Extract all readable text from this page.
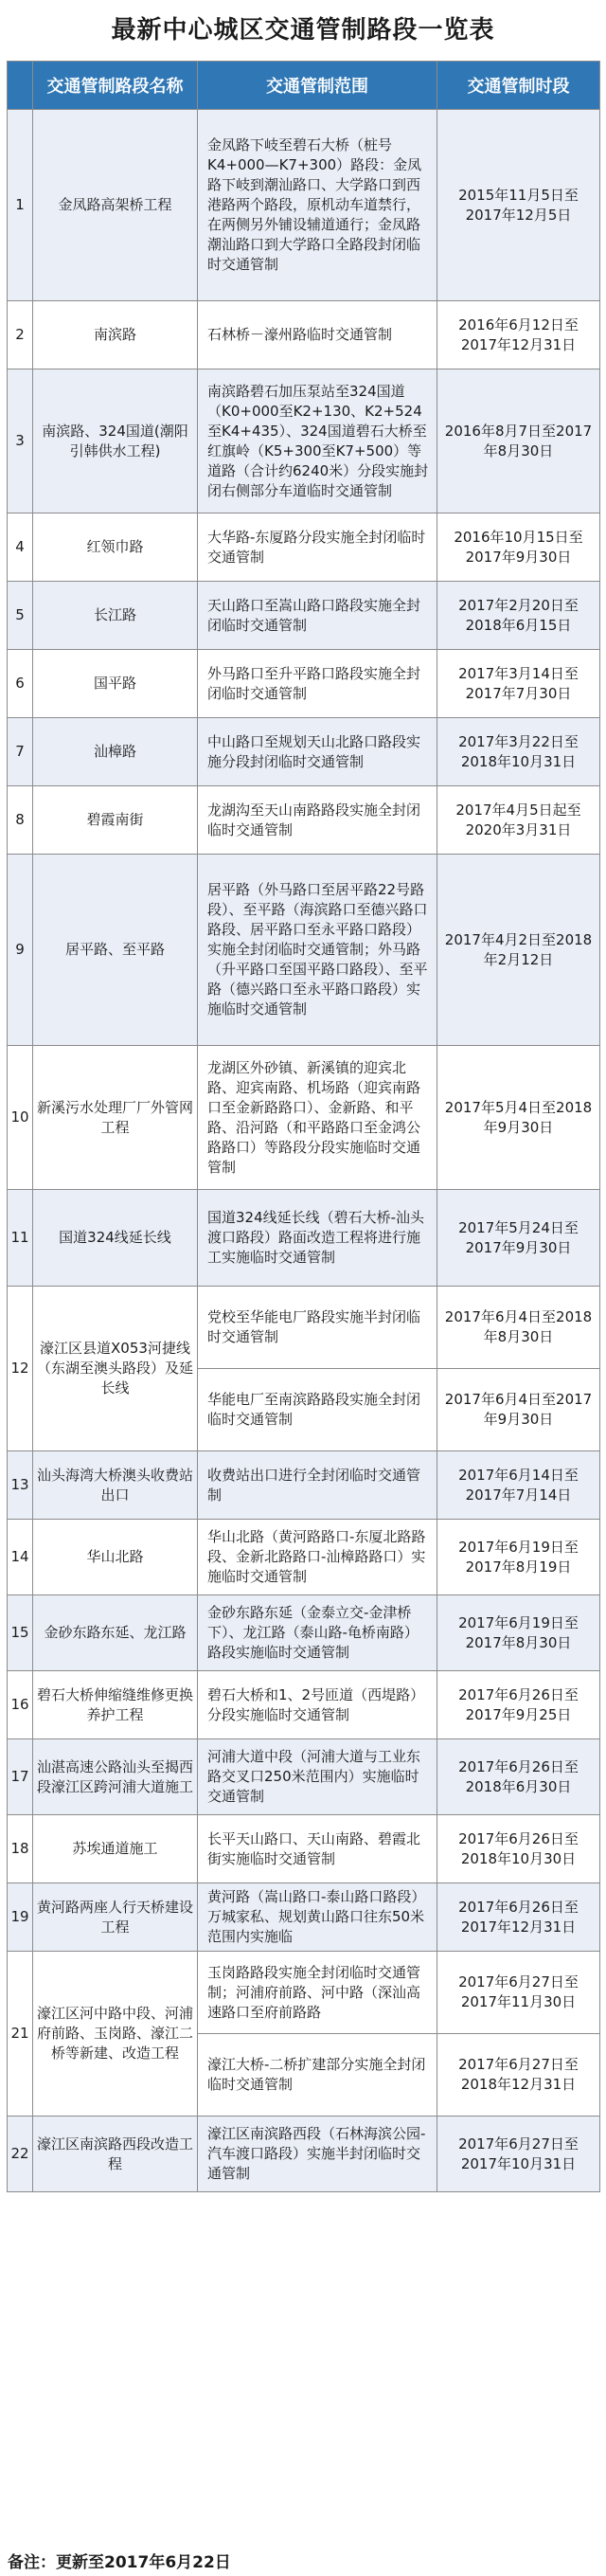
最新中心城区交通管制路段一览表
	交通管制路段名称	交通管制范围	交通管制时段
1	金凤路高架桥工程	金凤路下岐至碧石大桥（桩号K4+000—K7+300）路段：金凤路下岐到潮汕路口、大学路口到西港路两个路段，原机动车道禁行，在两侧另外铺设辅道通行；金凤路潮汕路口到大学路口全路段封闭临时交通管制	2015年11月5日至2017年12月5日
2	南滨路	石林桥－濠州路临时交通管制	2016年6月12日至2017年12月31日
3	南滨路、324国道(潮阳引韩供水工程)	南滨路碧石加压泵站至324国道（K0+000至K2+130、K2+524至K4+435）、324国道碧石大桥至红旗岭（K5+300至K7+500）等道路（合计约6240米）分段实施封闭右侧部分车道临时交通管制	2016年8月7日至2017年8月30日
4	红领巾路	大华路-东厦路分段实施全封闭临时交通管制	2016年10月15日至2017年9月30日
5	长江路	天山路口至嵩山路口路段实施全封闭临时交通管制	2017年2月20日至2018年6月15日
6	国平路	外马路口至升平路口路段实施全封闭临时交通管制	2017年3月14日至2017年7月30日
7	汕樟路	中山路口至规划天山北路口路段实施分段封闭临时交通管制	2017年3月22日至2018年10月31日
8	碧霞南街	龙湖沟至天山南路路段实施全封闭临时交通管制	2017年4月5日起至2020年3月31日
9	居平路、至平路	居平路（外马路口至居平路22号路段）、至平路（海滨路口至德兴路口路段、居平路口至永平路口路段）实施全封闭临时交通管制；外马路（升平路口至国平路口路段）、至平路（德兴路口至永平路口路段）实施临时交通管制	2017年4月2日至2018年2月12日
10	新溪污水处理厂厂外管网工程	龙湖区外砂镇、新溪镇的迎宾北路、迎宾南路、机场路（迎宾南路口至金新路路口）、金新路、和平路、沿河路（和平路路口至金鸿公路路口）等路段分段实施临时交通管制	2017年5月4日至2018年9月30日
11	国道324线延长线	国道324线延长线（碧石大桥-汕头渡口路段）路面改造工程将进行施工实施临时交通管制	2017年5月24日至2017年9月30日
12	濠江区县道X053河捷线（东湖至澳头路段）及延长线	党校至华能电厂路段实施半封闭临时交通管制	2017年6月4日至2018年8月30日
		华能电厂至南滨路路段实施全封闭临时交通管制	2017年6月4日至2017年9月30日
13	汕头海湾大桥澳头收费站出口	收费站出口进行全封闭临时交通管制	2017年6月14日至2017年7月14日
14	华山北路	华山北路（黄河路路口-东厦北路路段、金新北路路口-汕樟路路口）实施临时交通管制	2017年6月19日至2017年8月19日
15	金砂东路东延、龙江路	金砂东路东延（金泰立交-金津桥下）、龙江路（泰山路-龟桥南路）路段实施临时交通管制	2017年6月19日至2017年8月30日
16	碧石大桥伸缩缝维修更换养护工程	碧石大桥和1、2号匝道（西堤路）分段实施临时交通管制	2017年6月26日至2017年9月25日
17	汕湛高速公路汕头至揭西段濠江区跨河浦大道施工	河浦大道中段（河浦大道与工业东路交叉口250米范围内）实施临时交通管制	2017年6月26日至2018年6月30日
18	苏埃通道施工	长平天山路口、天山南路、碧霞北街实施临时交通管制	2017年6月26日至2018年10月30日
19	黄河路两座人行天桥建设工程	黄河路（嵩山路口-泰山路口路段）万城家私、规划黄山路口往东50米范围内实施临	2017年6月26日至2017年12月31日
21	濠江区河中路中段、河浦府前路、玉岗路、濠江二桥等新建、改造工程	玉岗路路段实施全封闭临时交通管制；河浦府前路、河中路（深汕高速路口至府前路路	2017年6月27日至2017年11月30日
		濠江大桥-二桥扩建部分实施全封闭临时交通管制	2017年6月27日至2018年12月31日
22	濠江区南滨路西段改造工程	濠江区南滨路西段（石林海滨公园-汽车渡口路段）实施半封闭临时交通管制	2017年6月27日至2017年10月31日
备注：更新至2017年6月22日
